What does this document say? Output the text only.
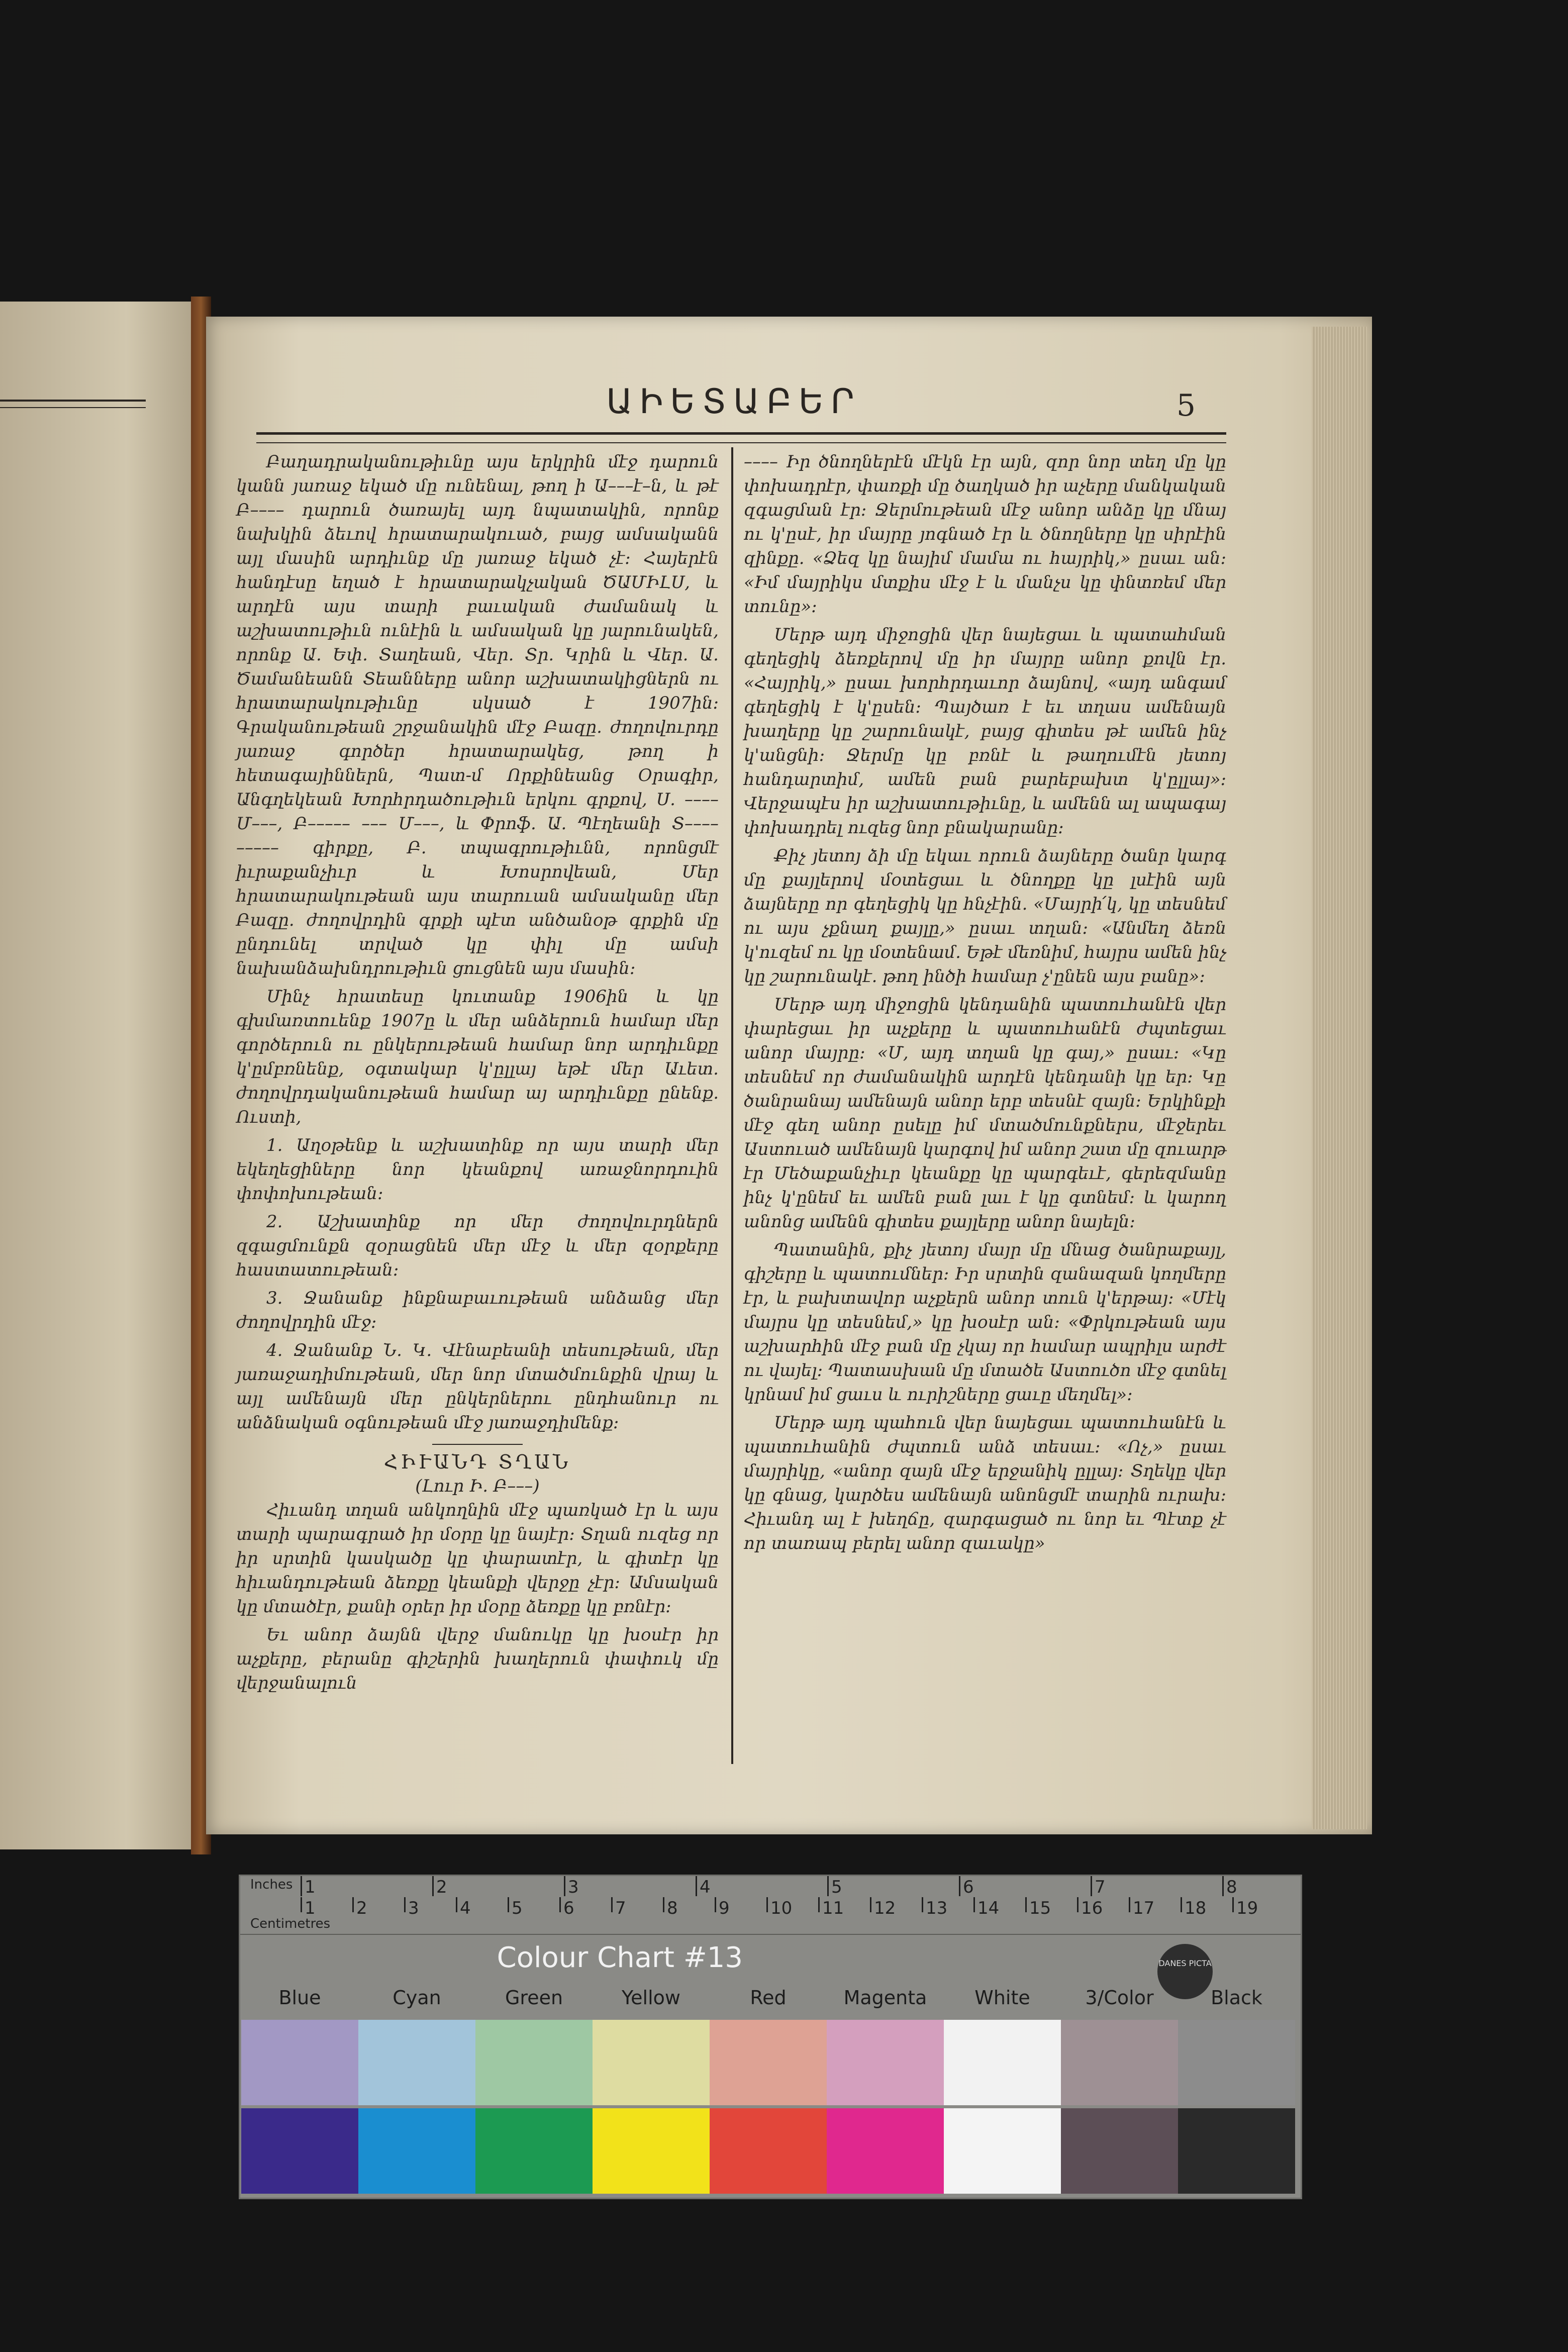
ԱԻԵՏԱԲԵՐ	5

Բաղադրականութիւնը այս երկրին մէջ դարուն կանն յառաջ եկած մը ունենալ, թող ի Ա–––է–ն, և թէ Բ–––– դարուն ծառայել այդ նպատակին, որոնք նախկին ձեւով հրատարակուած, բայց ամսականն այլ մասին արդիւնք մը յառաջ եկած չէ: Հայերէն հանդէսը եղած է հրատարակչական ԾԱՄԻԼՍ, և արդէն այս տարի բաւական ժամանակ և աշխատութիւն ունէին և ամսական կը յարունակեն, որոնք Ա. Եփ. Տաղեան, Վեր. Տր. Կրին և Վեր. Ա. Ծամանեանն Տեանները անոր աշխատակիցներն ու հրատարակութիւնը սկսած է 1907ին: Գրականութեան շրջանակին մէջ Բազը. ժողովուրդը յառաջ գործեր հրատարակեց, թող ի հետագայիններն, Պատ-մ Որքինեանց Օրագիր, Անգղեկեան Խորհրդածութիւն երկու գրքով, Ս. –––– Մ–––, Բ––––– ––– Մ–––, և Փրոֆ. Ա. Պէղեանի Տ–––– ––––– գիրքը, Բ. տպագրութիւնն, որոնցմէ իւրաքանչիւր և Խոսրովեան, Մեր հրատարակութեան այս տարուան ամսականը մեր Բազը. ժողովրդին գրքի պէտ անծանօթ գրքին մը ընդունել տրված կը փիլ մը ամսի նախանձախնդրութիւն ցուցնեն այս մասին:

Մինչ հրատեսը կուտանք 1906ին և կը գխմառտուենք 1907ը և մեր անձերուն համար մեր գործերուն ու ընկերութեան համար նոր արդիւնքը կ'ըմբռնենք, օգտակար կ'ըլլայ եթէ մեր Աւետ. ժողովրդականութեան համար այ արդիւնքը ընենք. Ուստի,

1. Աղօթենք և աշխատինք որ այս տարի մեր եկեղեցիները նոր կեանքով առաջնորդուին փոփոխութեան:

2. Աշխատինք որ մեր ժողովուրդներն զգացմունքն զօրացնեն մեր մէջ և մեր զօրքերը հաստատութեան:

3. Ջանանք ինքնաբաւութեան անձանց մեր ժողովրդին մէջ:

4. Ջանանք Ն. Կ. Վէնաբեանի տեսութեան, մեր յառաջադիմութեան, մեր նոր մտածմունքին վրայ և այլ ամենայն մեր ընկերներու ընդհանուր ու անձնական օգնութեան մէջ յառաջդիմենք:

ՀԻՒԱՆԴ ՏՂԱՆ
(Լուր Ի. Բ–––)

Հիւանդ տղան անկողնին մէջ պառկած էր և այս տարի պարագրած իր մօրը կը նայէր: Տղան ուզեց որ իր սրտին կասկածը կը փարատէր, և գիտէր կը հիւանդութեան ձեռքը կեանքի վերջը չէր: Ամսական կը մտածէր, քանի օրեր իր մօրը ձեռքը կը բռնէր:

Եւ անոր ձայնն վերջ մանուկը կը խօսէր իր աչքերը, բերանը գիշերին խաղերուն փափուկ մը վերջանալուն

–––– Իր ծնողներէն մէկն էր այն, զոր նոր տեղ մը կը փոխադրէր, փառքի մը ծաղկած իր աչերը մանկական զգացման էր: Ջերմութեան մէջ անոր անձը կը մնայ ու կ'ըսէ, իր մայրը յոգնած էր և ծնողները կը սիրէին զինքը. «Ձեզ կը նայիմ մամա ու հայրիկ,» ըսաւ ան: «Իմ մայրիկս մտքիս մէջ է և մանչս կը փնտռեմ մեր տունը»:

Մերթ այդ միջոցին վեր նայեցաւ և պատահման գեղեցիկ ձեռքերով մը իր մայրը անոր քովն էր. «Հայրիկ,» ըսաւ խորհրդաւոր ձայնով, «այդ անգամ գեղեցիկ է կ'ըսեն: Պայծառ է եւ տղաս ամենայն խաղերը կը շարունակէ, բայց գիտես թէ ամեն ինչ կ'անցնի: Ջերմը կը բռնէ և թաղումէն յետոյ հանդարտիմ, ամեն բան բարեբախտ կ'ըլլայ»: Վերջապէս իր աշխատութիւնը, և ամենն ալ ապագայ փոխադրել ուզեց նոր բնակարանը:

Քիչ յետոյ ձի մը եկաւ որուն ձայները ծանր կարգ մը քայլերով մօտեցաւ և ծնողքը կը լսէին այն ձայները որ գեղեցիկ կը հնչէին. «Մայրի՛կ, կը տեսնեմ ու այս չքնաղ քայլը,» ըսաւ տղան: «Անմեղ ձեռն կ'ուզեմ ու կը մօտենամ. Եթէ մեռնիմ, հայրս ամեն ինչ կը շարունակէ. թող ինծի համար չ'ընեն այս բանը»:

Մերթ այդ միջոցին կենդանին պատուհանէն վեր փարեցաւ իր աչքերը և պատուհանէն ժպտեցաւ անոր մայրը: «Մ, այդ տղան կը գայ,» ըսաւ: «Կը տեսնեմ որ ժամանակին արդէն կենդանի կը եր: Կը ծանրանայ ամենայն անոր երբ տեսնէ զայն: Երկինքի մէջ գեղ անոր ըսելը իմ մտածմունքներս, մէջերեւ Աստուած ամենայն կարգով իմ անոր շատ մը զուարթ էր Մեծաքանչիւր կեանքը կը պարգեւէ, գերեզմանը ինչ կ'ընեմ եւ ամեն բան լաւ է կը գտնեմ: և կարող անոնց ամենն գիտես քայլերը անոր նայելն:

Պատանին, քիչ յետոյ մայր մը մնաց ծանրաքայլ, գիշերը և պատումներ: Իր սրտին զանազան կողմերը էր, և բախտավոր աչքերն անոր տուն կ'երթայ: «Մէկ մայրս կը տեսնեմ,» կը խօսէր ան: «Փրկութեան այս աշխարհին մէջ բան մը չկայ որ համար ապրիլս արժէ ու վայել: Պատասխան մը մտածե Աստուծո մէջ գտնել կրնամ իմ ցաւս և ուրիշները ցաւը մեղմել»:

Մերթ այդ պահուն վեր նայեցաւ պատուհանէն և պատուհանին ժպտուն անձ տեսաւ: «Ոչ,» ըսաւ մայրիկը, «անոր զայն մէջ երջանիկ ըլլայ: Տղեկը վեր կը գնաց, կարծես ամենայն անոնցմէ տարին ուրախ: Հիւանդ ալ է խեղճը, զարգացած ու նոր եւ Պէտք չէ որ տառապ բերել անոր զաւակը»

Inches
Centimetres
1	2	3	4	5	6	7	8
1 2 3 4 5 6 7 8 9 10 11 12 13 14 15 16 17 18 19
Colour Chart #13	DANES PICTA
Blue	Cyan	Green	Yellow	Red	Magenta	White	3/Color	Black
